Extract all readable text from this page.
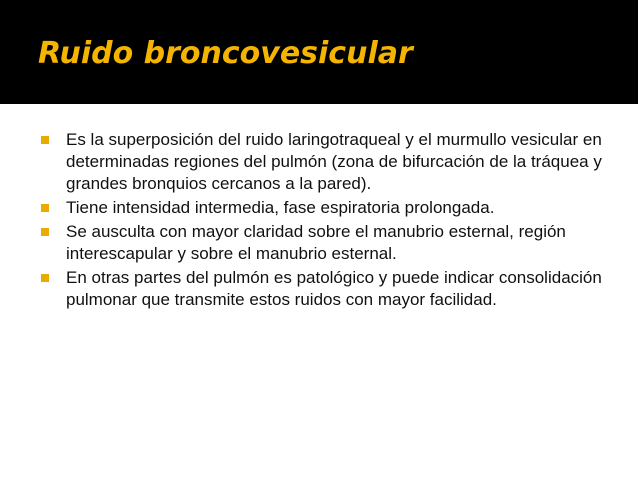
Ruido broncovesicular
Es la superposición del ruido laringotraqueal y el murmullo vesicular en determinadas regiones del pulmón (zona de bifurcación de la tráquea y grandes bronquios cercanos a la pared).
Tiene intensidad intermedia, fase espiratoria prolongada.
Se ausculta con mayor claridad sobre el manubrio esternal, región interescapular y sobre el manubrio esternal.
En otras partes del pulmón es patológico y puede indicar consolidación pulmonar que transmite estos ruidos con mayor facilidad.
